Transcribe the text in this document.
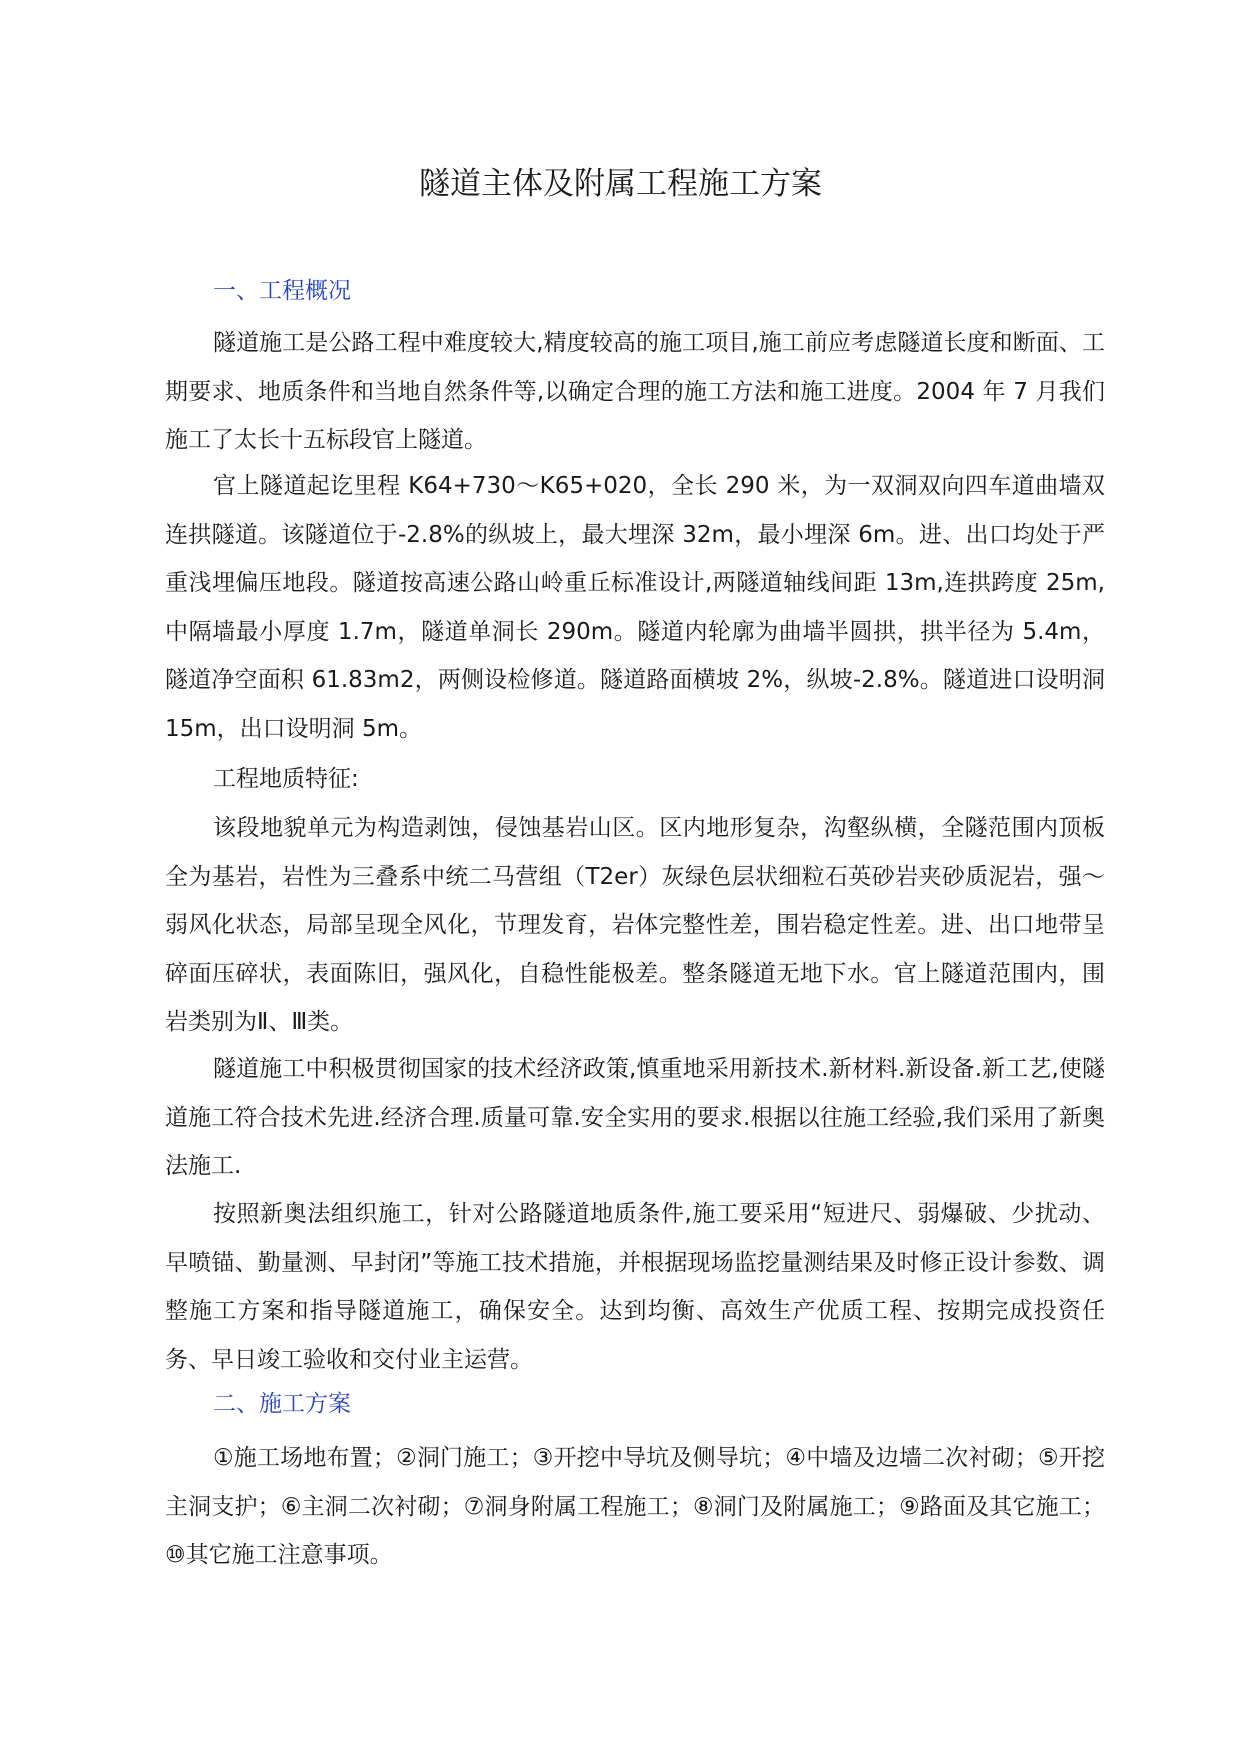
隧道主体及附属工程施工方案
一、工程概况

隧道施工是公路工程中难度较大,精度较高的施工项目,施工前应考虑隧道长度和断面、工期要求、地质条件和当地自然条件等,以确定合理的施工方法和施工进度。2004 年 7 月我们施工了太长十五标段官上隧道。

官上隧道起讫里程 K64+730～K65+020，全长 290 米，为一双洞双向四车道曲墙双连拱隧道。该隧道位于-2.8%的纵坡上，最大埋深 32m，最小埋深 6m。进、出口均处于严重浅埋偏压地段。隧道按高速公路山岭重丘标准设计,两隧道轴线间距 13m,连拱跨度 25m,中隔墙最小厚度 1.7m，隧道单洞长 290m。隧道内轮廓为曲墙半圆拱，拱半径为 5.4m，隧道净空面积 61.83m2，两侧设检修道。隧道路面横坡 2%，纵坡-2.8%。隧道进口设明洞 15m，出口设明洞 5m。

工程地质特征:

该段地貌单元为构造剥蚀，侵蚀基岩山区。区内地形复杂，沟壑纵横，全隧范围内顶板全为基岩，岩性为三叠系中统二马营组（T2er）灰绿色层状细粒石英砂岩夹砂质泥岩，强～弱风化状态，局部呈现全风化，节理发育，岩体完整性差，围岩稳定性差。进、出口地带呈碎面压碎状，表面陈旧，强风化，自稳性能极差。整条隧道无地下水。官上隧道范围内，围岩类别为Ⅱ、Ⅲ类。

隧道施工中积极贯彻国家的技术经济政策,慎重地采用新技术.新材料.新设备.新工艺,使隧道施工符合技术先进.经济合理.质量可靠.安全实用的要求.根据以往施工经验,我们采用了新奥法施工.

按照新奥法组织施工，针对公路隧道地质条件,施工要采用“短进尺、弱爆破、少扰动、早喷锚、勤量测、早封闭”等施工技术措施，并根据现场监挖量测结果及时修正设计参数、调整施工方案和指导隧道施工，确保安全。达到均衡、高效生产优质工程、按期完成投资任务、早日竣工验收和交付业主运营。

二、施工方案

①施工场地布置；②洞门施工；③开挖中导坑及侧导坑；④中墙及边墙二次衬砌；⑤开挖主洞支护；⑥主洞二次衬砌；⑦洞身附属工程施工；⑧洞门及附属施工；⑨路面及其它施工；⑩其它施工注意事项。
